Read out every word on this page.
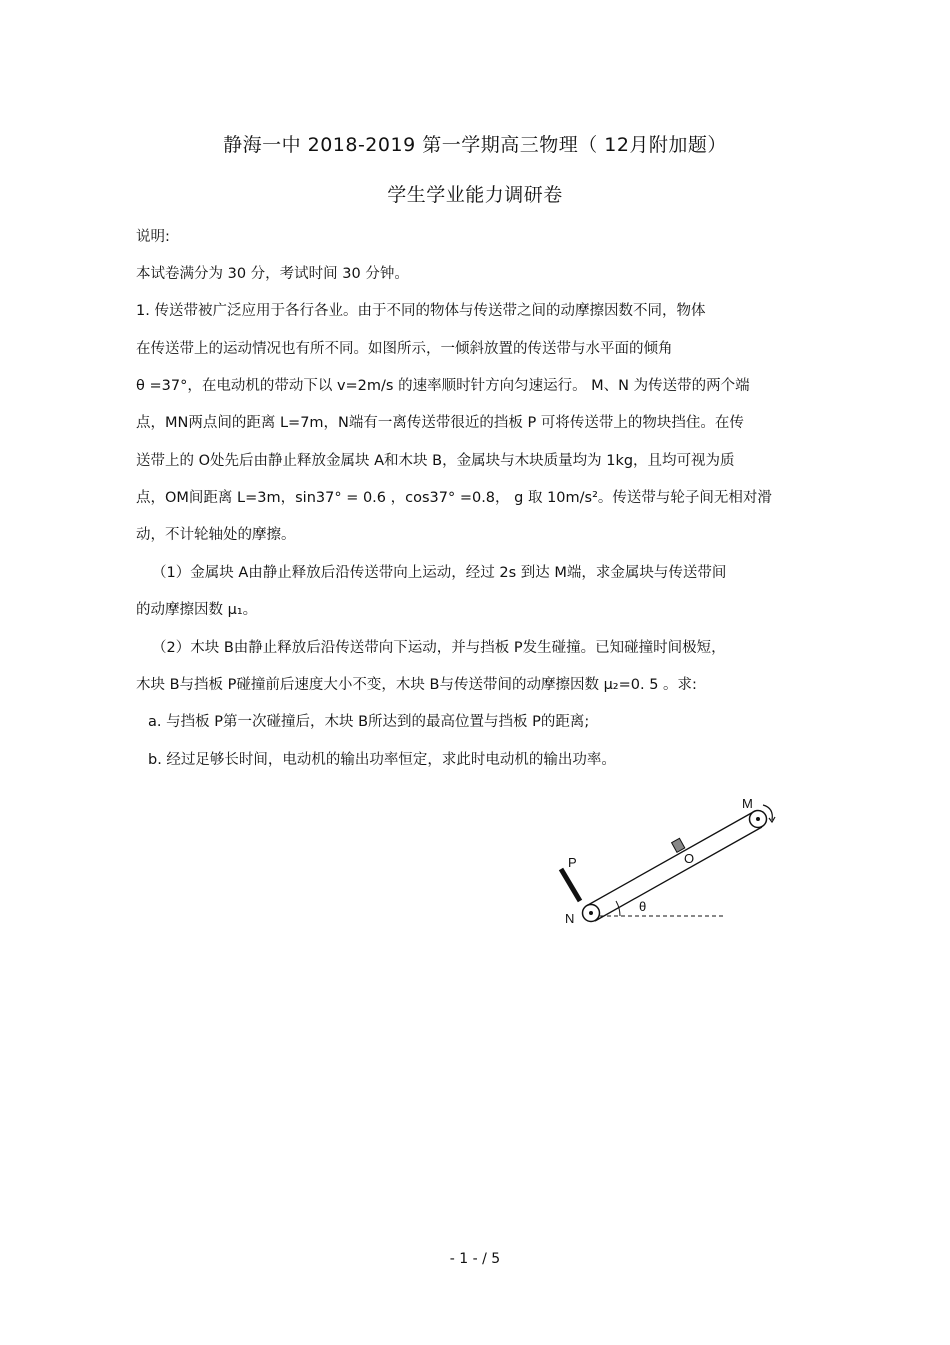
静海一中 2018-2019 第一学期高三物理（ 12月附加题）
学生学业能力调研卷
说明:
本试卷满分为 30 分，考试时间 30 分钟。
1. 传送带被广泛应用于各行各业。由于不同的物体与传送带之间的动摩擦因数不同，物体
在传送带上的运动情况也有所不同。如图所示，一倾斜放置的传送带与水平面的倾角
θ =37°，在电动机的带动下以 v=2m/s 的速率顺时针方向匀速运行。 M、N 为传送带的两个端
点，MN两点间的距离 L=7m，N端有一离传送带很近的挡板 P 可将传送带上的物块挡住。在传
送带上的 O处先后由静止释放金属块 A和木块 B，金属块与木块质量均为 1kg，且均可视为质
点，OM间距离 L=3m，sin37° = 0.6 ，cos37° =0.8， g 取 10m/s²。传送带与轮子间无相对滑
动，不计轮轴处的摩擦。
（1）金属块 A由静止释放后沿传送带向上运动，经过 2s 到达 M端，求金属块与传送带间
的动摩擦因数 μ₁。
（2）木块 B由静止释放后沿传送带向下运动，并与挡板 P发生碰撞。已知碰撞时间极短，
木块 B与挡板 P碰撞前后速度大小不变，木块 B与传送带间的动摩擦因数 μ₂=0. 5 。求:
a. 与挡板 P第一次碰撞后，木块 B所达到的最高位置与挡板 P的距离;
b. 经过足够长时间，电动机的输出功率恒定，求此时电动机的输出功率。
M
N
P	O
θ
- 1 - / 5
